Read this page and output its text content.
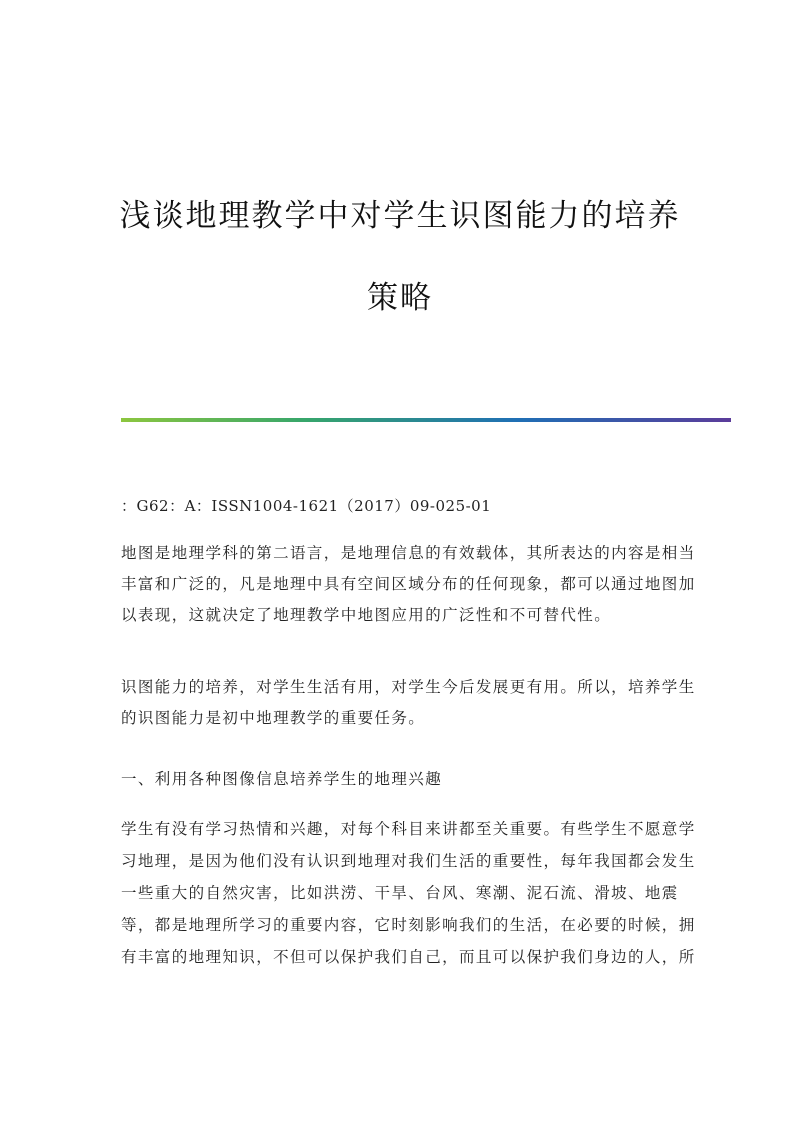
浅谈地理教学中对学生识图能力的培养
策略
：G62：A：ISSN1004-1621（2017）09-025-01
地图是地理学科的第二语言，是地理信息的有效载体，其所表达的内容是相当
丰富和广泛的，凡是地理中具有空间区域分布的任何现象，都可以通过地图加
以表现，这就决定了地理教学中地图应用的广泛性和不可替代性。
识图能力的培养，对学生生活有用，对学生今后发展更有用。所以，培养学生
的识图能力是初中地理教学的重要任务。
一、利用各种图像信息培养学生的地理兴趣
学生有没有学习热情和兴趣，对每个科目来讲都至关重要。有些学生不愿意学
习地理，是因为他们没有认识到地理对我们生活的重要性，每年我国都会发生
一些重大的自然灾害，比如洪涝、干旱、台风、寒潮、泥石流、滑坡、地震
等，都是地理所学习的重要内容，它时刻影响我们的生活，在必要的时候，拥
有丰富的地理知识，不但可以保护我们自己，而且可以保护我们身边的人，所
